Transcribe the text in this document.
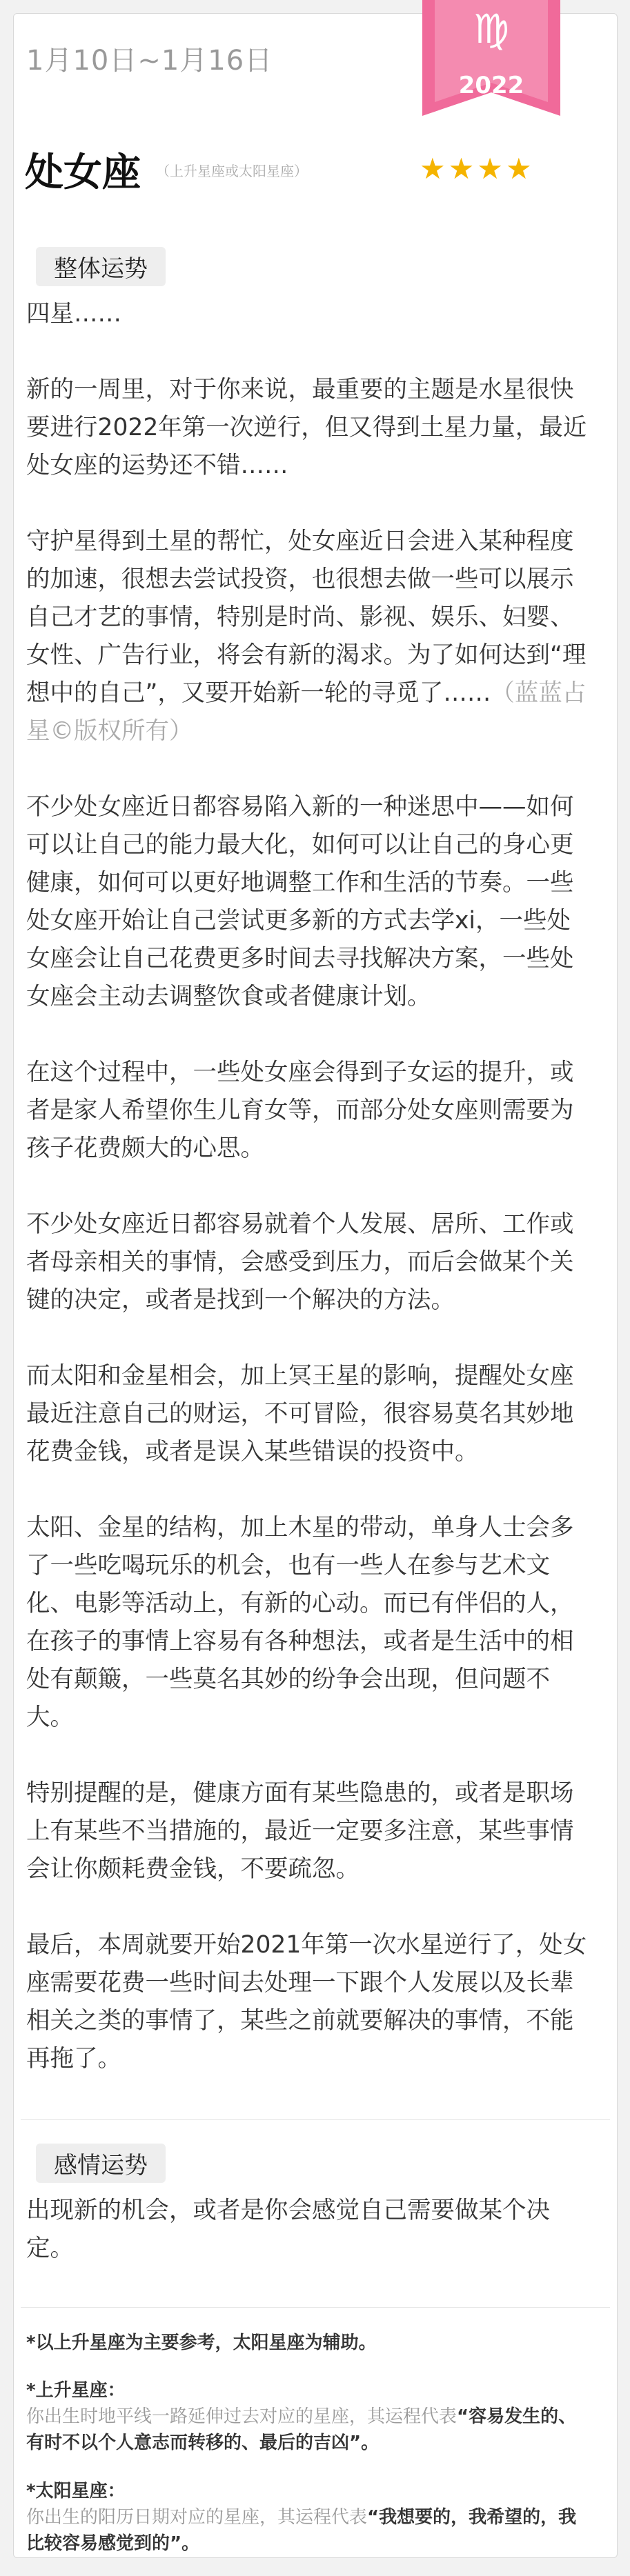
1月10日~1月16日
处女座 （上升星座或太阳星座）	★★★★
♍
2022
整体运势

四星……

新的一周里，对于你来说，最重要的主题是水星很快要进行2022年第一次逆行，但又得到土星力量，最近处女座的运势还不错……

守护星得到土星的帮忙，处女座近日会进入某种程度的加速，很想去尝试投资，也很想去做一些可以展示自己才艺的事情，特别是时尚、影视、娱乐、妇婴、女性、广告行业，将会有新的渴求。为了如何达到“理想中的自己”，又要开始新一轮的寻觅了……（蓝蓝占星©版权所有）

不少处女座近日都容易陷入新的一种迷思中——如何可以让自己的能力最大化，如何可以让自己的身心更健康，如何可以更好地调整工作和生活的节奏。一些处女座开始让自己尝试更多新的方式去学xi，一些处女座会让自己花费更多时间去寻找解决方案，一些处女座会主动去调整饮食或者健康计划。

在这个过程中，一些处女座会得到子女运的提升，或者是家人希望你生儿育女等，而部分处女座则需要为孩子花费颇大的心思。

不少处女座近日都容易就着个人发展、居所、工作或者母亲相关的事情，会感受到压力，而后会做某个关键的决定，或者是找到一个解决的方法。

而太阳和金星相会，加上冥王星的影响，提醒处女座最近注意自己的财运，不可冒险，很容易莫名其妙地花费金钱，或者是误入某些错误的投资中。

太阳、金星的结构，加上木星的带动，单身人士会多了一些吃喝玩乐的机会，也有一些人在参与艺术文化、电影等活动上，有新的心动。而已有伴侣的人，在孩子的事情上容易有各种想法，或者是生活中的相处有颠簸，一些莫名其妙的纷争会出现，但问题不大。

特别提醒的是，健康方面有某些隐患的，或者是职场上有某些不当措施的，最近一定要多注意，某些事情会让你颇耗费金钱，不要疏忽。

最后，本周就要开始2021年第一次水星逆行了，处女座需要花费一些时间去处理一下跟个人发展以及长辈相关之类的事情了，某些之前就要解决的事情，不能再拖了。

感情运势

出现新的机会，或者是你会感觉自己需要做某个决定。

*以上升星座为主要参考，太阳星座为辅助。
*上升星座：

你出生时地平线一路延伸过去对应的星座，其运程代表“容易发生的、有时不以个人意志而转移的、最后的吉凶”。

*太阳星座：

你出生的阳历日期对应的星座，其运程代表“我想要的，我希望的，我比较容易感觉到的”。
